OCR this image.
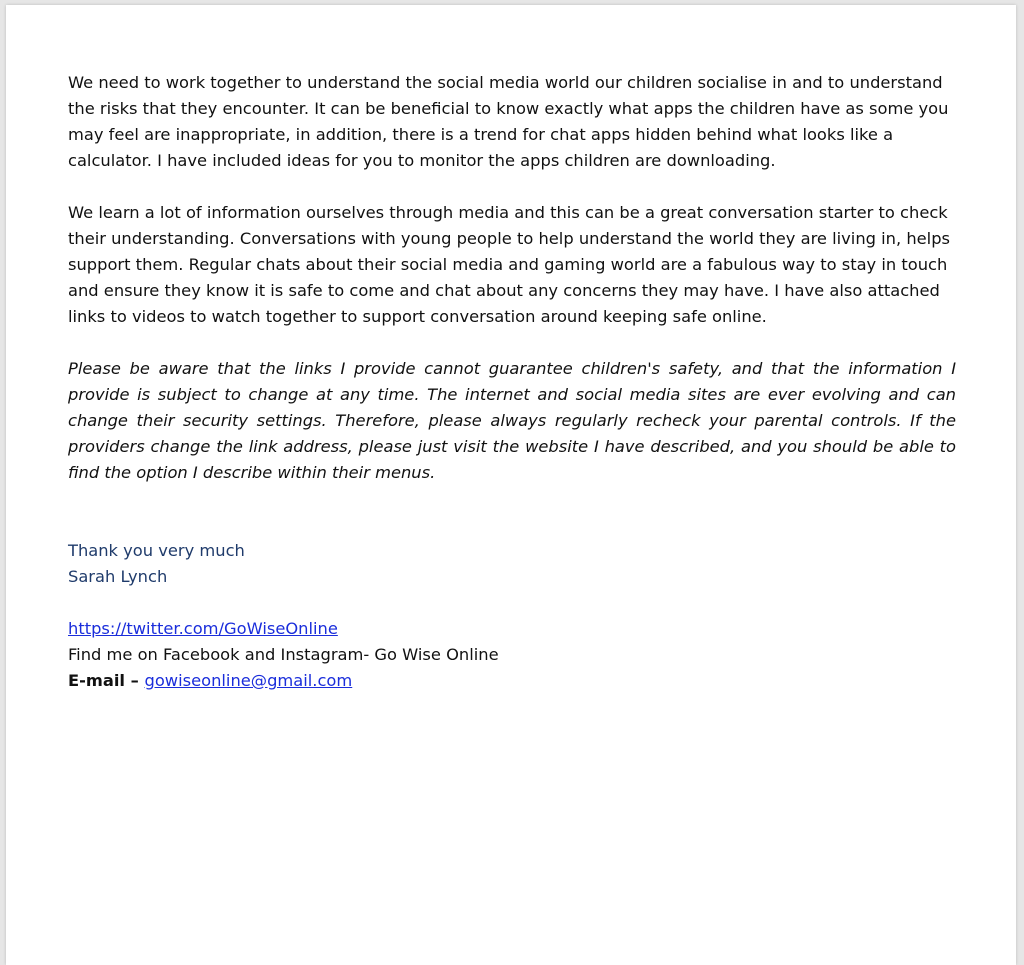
We need to work together to understand the social media world our children socialise in and to understand the risks that they encounter. It can be beneficial to know exactly what apps the children have as some you may feel are inappropriate, in addition, there is a trend for chat apps hidden behind what looks like a calculator. I have included ideas for you to monitor the apps children are downloading.

We learn a lot of information ourselves through media and this can be a great conversation starter to check their understanding. Conversations with young people to help understand the world they are living in, helps support them. Regular chats about their social media and gaming world are a fabulous way to stay in touch and ensure they know it is safe to come and chat about any concerns they may have. I have also attached links to videos to watch together to support conversation around keeping safe online.

Please be aware that the links I provide cannot guarantee children's safety, and that the information I provide is subject to change at any time. The internet and social media sites are ever evolving and can change their security settings. Therefore, please always regularly recheck your parental controls. If the providers change the link address, please just visit the website I have described, and you should be able to find the option I describe within their menus.

Thank you very much
Sarah Lynch
https://twitter.com/GoWiseOnline
Find me on Facebook and Instagram- Go Wise Online
E-mail – gowiseonline@gmail.com
